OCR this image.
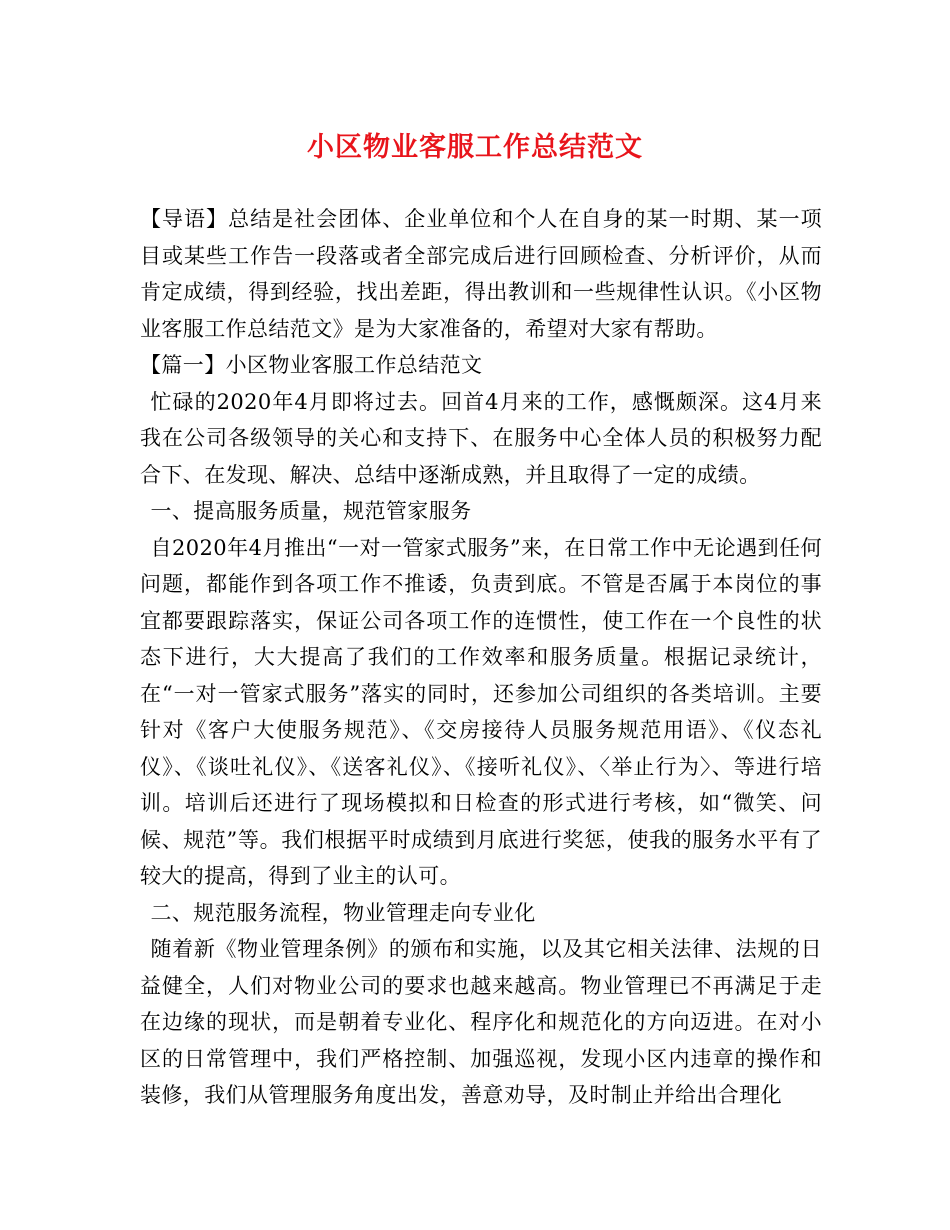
小区物业客服工作总结范文

【导语】总结是社会团体、企业单位和个人在自身的某一时期、某一项目或某些工作告一段落或者全部完成后进行回顾检查、分析评价，从而肯定成绩，得到经验，找出差距，得出教训和一些规律性认识。《小区物业客服工作总结范文》是为大家准备的，希望对大家有帮助。

【篇一】小区物业客服工作总结范文

忙碌的2020年4月即将过去。回首4月来的工作，感慨颇深。这4月来我在公司各级领导的关心和支持下、在服务中心全体人员的积极努力配合下、在发现、解决、总结中逐渐成熟，并且取得了一定的成绩。

一、提高服务质量，规范管家服务

自2020年4月推出“一对一管家式服务”来，在日常工作中无论遇到任何问题，都能作到各项工作不推诿，负责到底。不管是否属于本岗位的事宜都要跟踪落实，保证公司各项工作的连惯性，使工作在一个良性的状态下进行，大大提高了我们的工作效率和服务质量。根据记录统计，在“一对一管家式服务”落实的同时，还参加公司组织的各类培训。主要针对《客户大使服务规范》、《交房接待人员服务规范用语》、《仪态礼仪》、《谈吐礼仪》、《送客礼仪》、《接听礼仪》、〈举止行为〉、等进行培训。培训后还进行了现场模拟和日检查的形式进行考核，如“微笑、问候、规范”等。我们根据平时成绩到月底进行奖惩，使我的服务水平有了较大的提高，得到了业主的认可。

二、规范服务流程，物业管理走向专业化

随着新《物业管理条例》的颁布和实施，以及其它相关法律、法规的日益健全，人们对物业公司的要求也越来越高。物业管理已不再满足于走在边缘的现状，而是朝着专业化、程序化和规范化的方向迈进。在对小区的日常管理中，我们严格控制、加强巡视，发现小区内违章的操作和装修，我们从管理服务角度出发，善意劝导，及时制止并给出合理化
